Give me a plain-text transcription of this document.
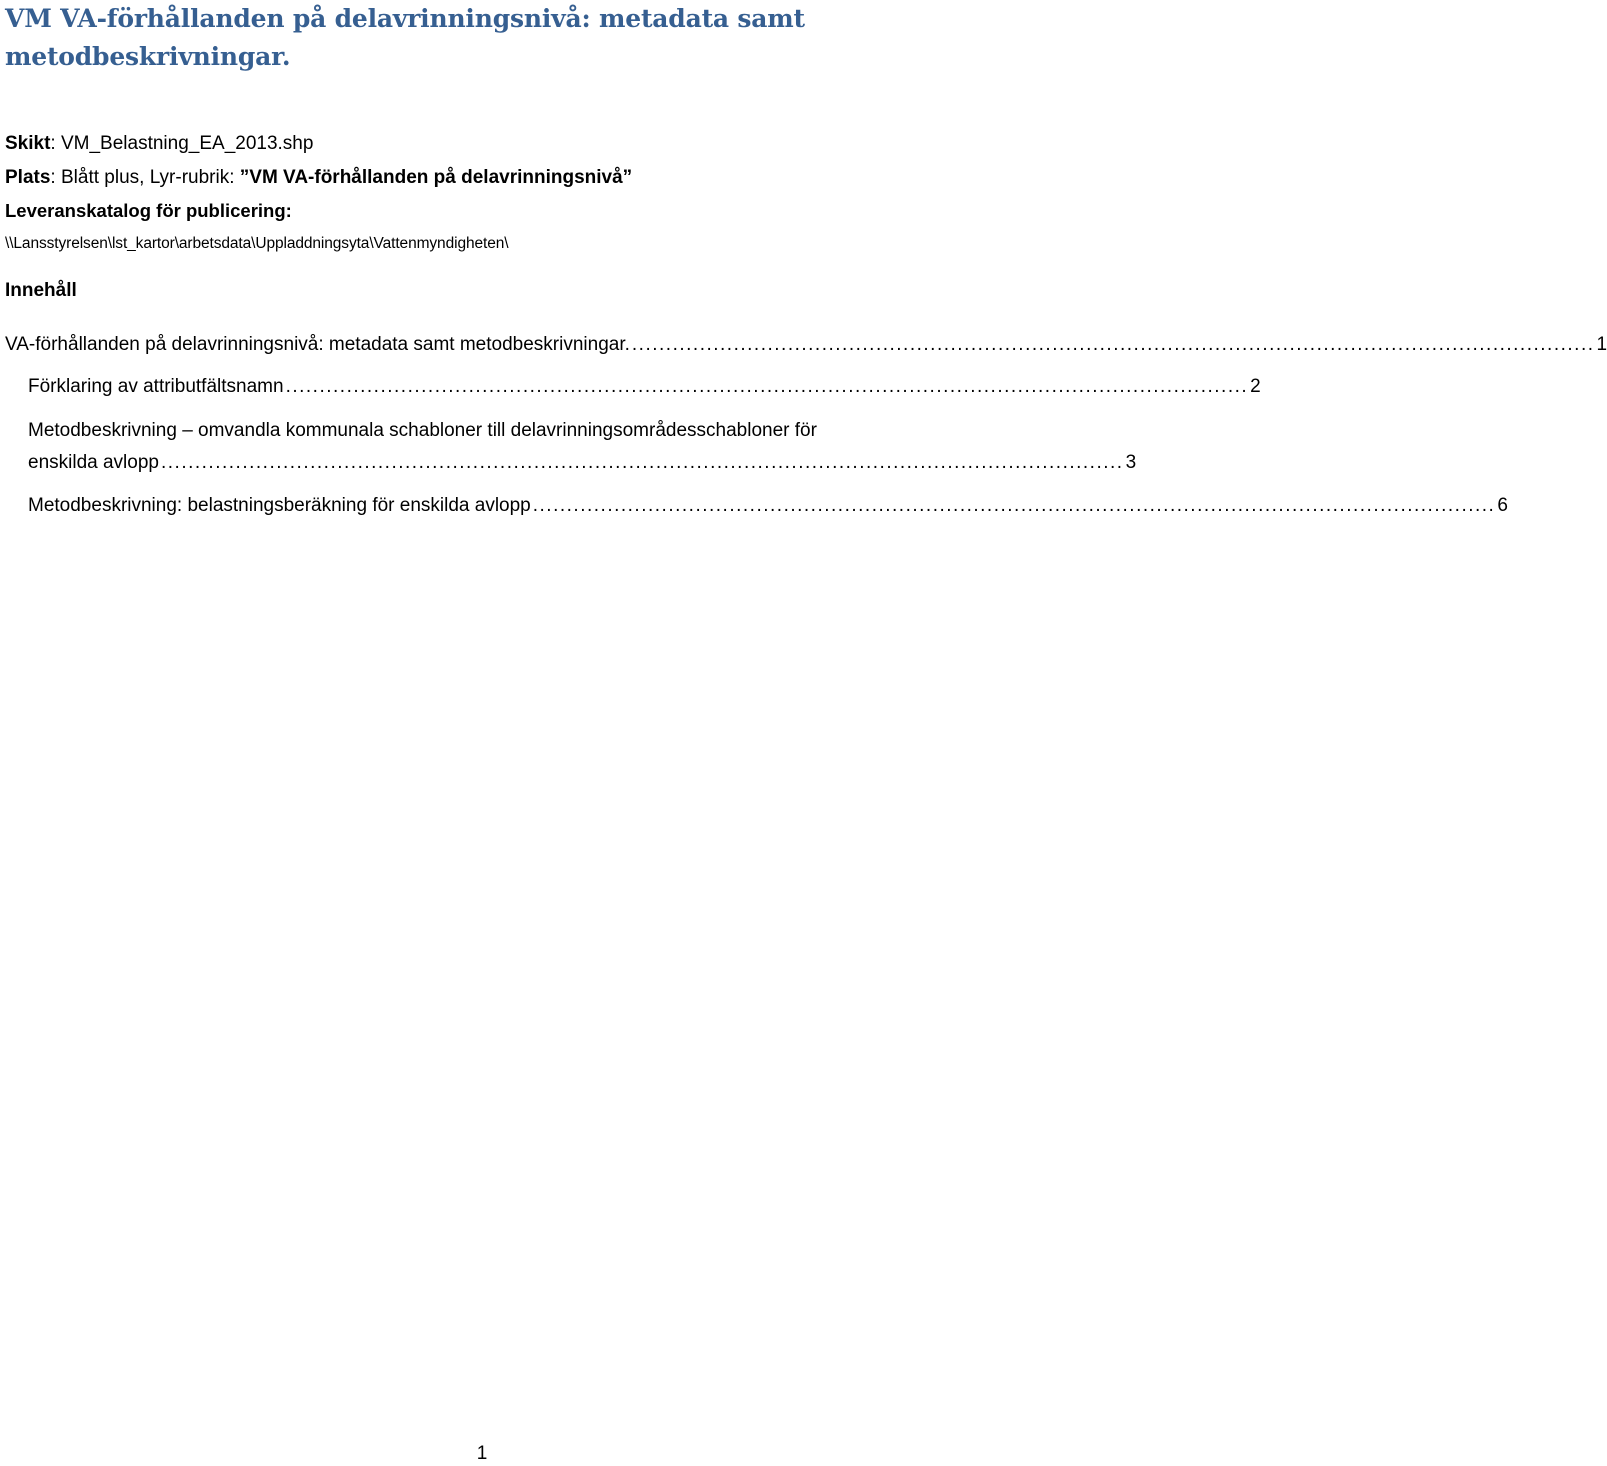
VM VA-förhållanden på delavrinningsnivå: metadata samt metodbeskrivningar.
Skikt: VM_Belastning_EA_2013.shp
Plats: Blått plus, Lyr-rubrik: ”VM VA-förhållanden på delavrinningsnivå”
Leveranskatalog för publicering:
\\Lansstyrelsen\lst_kartor\arbetsdata\Uppladdningsyta\Vattenmyndigheten\
Innehåll
VA-förhållanden på delavrinningsnivå: metadata samt metodbeskrivningar. .............................................................................................................................................. 1
Förklaring av attributfältsnamn .............................................................................................................................................. 2
Metodbeskrivning – omvandla kommunala schabloner till delavrinningsområdesschabloner för
enskilda avlopp .............................................................................................................................................. 3
Metodbeskrivning: belastningsberäkning för enskilda avlopp .............................................................................................................................................. 6
1
